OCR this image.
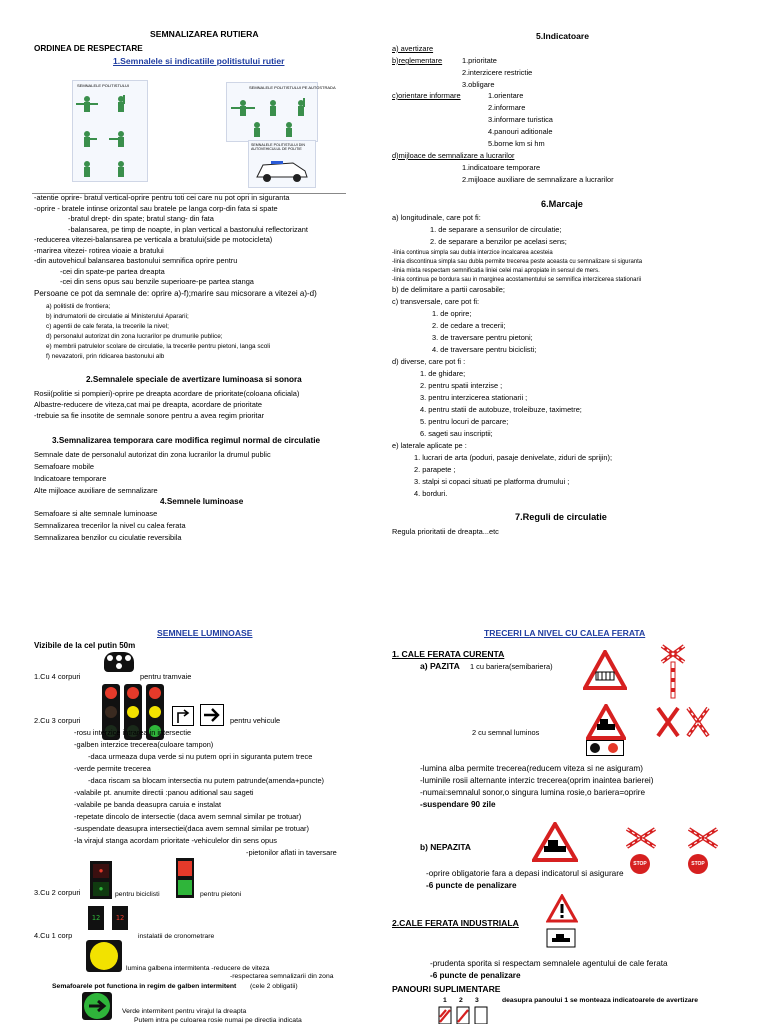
SEMNALIZAREA RUTIERA
ORDINEA DE RESPECTARE
1.Semnalele si indicatiile politistului rutier
SEMNALELE POLITISTULUI	SEMNALELE POLITISTULUI PE AUTOSTRADA
SEMNALELE POLITISTULUI DIN AUTOVEHICULUL DE POLITIE
-atentie oprire- bratul vertical-oprire pentru toti cei care nu pot opri in siguranta
-oprire - bratele intinse orizontal sau bratele pe langa corp-din fata si spate
-bratul drept- din spate; bratul stang- din fata
-balansarea, pe timp de noapte, in plan vertical a bastonului reflectorizant
-reducerea vitezei-balansarea pe verticala a bratului(side pe motocicleta)
-marirea vitezei- rotirea vioaie a bratului
-din autovehicul balansarea bastonului semnifica oprire pentru
-cei din spate-pe partea dreapta
-cei din sens opus sau benzile superioare-pe partea stanga
Persoane ce pot da semnale de: oprire a)-f);marire sau micsorare a vitezei a)-d)
a) politistii de frontiera;
b) indrumatorii de circulatie ai Ministerului Apararii;
c) agentii de cale ferata, la trecerile la nivel;
d) personalul autorizat din zona lucrarilor pe drumurile publice;
e) membrii patrulelor scolare de circulatie, la trecerile pentru pietoni, langa scoli
f) nevazatorii, prin ridicarea bastonului alb
2.Semnalele speciale de avertizare luminoasa si sonora
Rosii(politie si pompieri)-oprire pe dreapta acordare de prioritate(coloana oficiala)
Albastre-reducere de viteza,cat mai pe dreapta, acordare de prioritate
-trebuie sa fie insotite de semnale sonore pentru a avea regim prioritar
3.Semnalizarea temporara care modifica regimul normal de circulatie
Semnale date de personalul autorizat din zona lucrarilor la drumul public
Semafoare mobile
Indicatoare temporare
Alte mijloace auxiliare de semnalizare
4.Semnele luminoase
Semafoare si alte semnale luminoase
Semnalizarea trecerilor la nivel cu calea ferata
Semnalizarea benzilor cu ciculatie reversibila
5.Indicatoare
a) avertizare
b)reglementare	1.prioritate
2.interzicere restrictie
3.obligare
c)orientare informare	1.orientare
2.informare
3.informare turistica
4.panouri aditionale
5.borne km si hm
d)mijloace de semnalizare a lucrarilor
1.indicatoare temporare
2.mijloace auxiliare de semnalizare a lucrarilor
6.Marcaje
a) longitudinale, care pot fi:
1. de separare a sensurilor de circulatie;
2. de separare a benzilor pe acelasi sens;
-linia continua simpla sau dubla interzice incalcarea acesteia
-linia discontinua simpla sau dubla permite trecerea peste aceasta cu semnalizare si siguranta
-linia mixta respectam semnificatia liniei celei mai apropiate in sensul de mers.
-linia continua pe bordura sau in marginea acostamentului se semnifica interzicerea stationarii
b) de delimitare a partii carosabile;
c) transversale, care pot fi:
1. de oprire;
2. de cedare a trecerii;
3. de traversare pentru pietoni;
4. de traversare pentru biciclisti;
d) diverse, care pot fi :
1. de ghidare;
2. pentru spatii interzise ;
3. pentru interzicerea stationarii ;
4. pentru statii de autobuze, troleibuze, taximetre;
5. pentru locuri de parcare;
6. sageti sau inscriptii;
e) laterale aplicate pe :
1. lucrari de arta (poduri, pasaje denivelate, ziduri de sprijin);
2. parapete ;
3. stalpi si copaci situati pe platforma drumului ;
4. borduri.
7.Reguli de circulatie
Regula prioritatii de dreapta...etc
SEMNELE LUMINOASE
Vizibile de la cel putin 50m
1.Cu 4 corpuri	pentru tramvaie
2.Cu 3 corpuri	pentru vehicule
-rosu interzice intrarea in intersectie
-galben interzice trecerea(culoare tampon)
-daca urmeaza dupa verde si nu putem opri in siguranta putem trece
-verde permite trecerea
-daca riscam sa blocam intersectia nu putem patrunde(amenda+puncte)
-valabile pt. anumite directii :panou aditional sau sageti
-valabile pe banda deasupra caruia e instalat
-repetate dincolo de intersectie (daca avem semnal similar pe trotuar)
-suspendate deasupra intersectiei(daca avem semnal similar pe trotuar)
-la virajul stanga acordam prioritate -vehiculelor din sens opus
-pietonilor aflati in taversare
●
●
3.Cu 2 corpuri	pentru biciclisti	pentru pietoni
12	12
4.Cu 1 corp	instalatii de cronometrare
lumina galbena intermitenta -reducere de viteza
-respectarea semnalizarii din zona
Semafoarele pot functiona in regim de galben intermitent (cele 2 obligatii)
Verde intermitent pentru virajul la dreapta
Putem intra pe culoarea rosie numai pe directia indicata
TRECERI LA NIVEL CU CALEA FERATA
1. CALE FERATA CURENTA
a) PAZITA 1 cu bariera(semibariera)
2 cu semnal luminos
-lumina alba permite trecerea(reducem viteza si ne asiguram)
-luminile rosii alternante interzic trecerea(oprim inaintea barierei)
-numai:semnalul sonor,o singura lumina rosie,o bariera=oprire
-suspendare 90 zile
b) NEPAZITA
STOP	STOP
-oprire obligatorie fara a depasi indicatorul si asigurare
-6 puncte de penalizare
2.CALE FERATA INDUSTRIALA
-prudenta sporita si respectam semnalele agentului de cale ferata
-6 puncte de penalizare
PANOURI SUPLIMENTARE
1 2 3	deasupra panoului 1 se monteaza indicatoarele de avertizare
